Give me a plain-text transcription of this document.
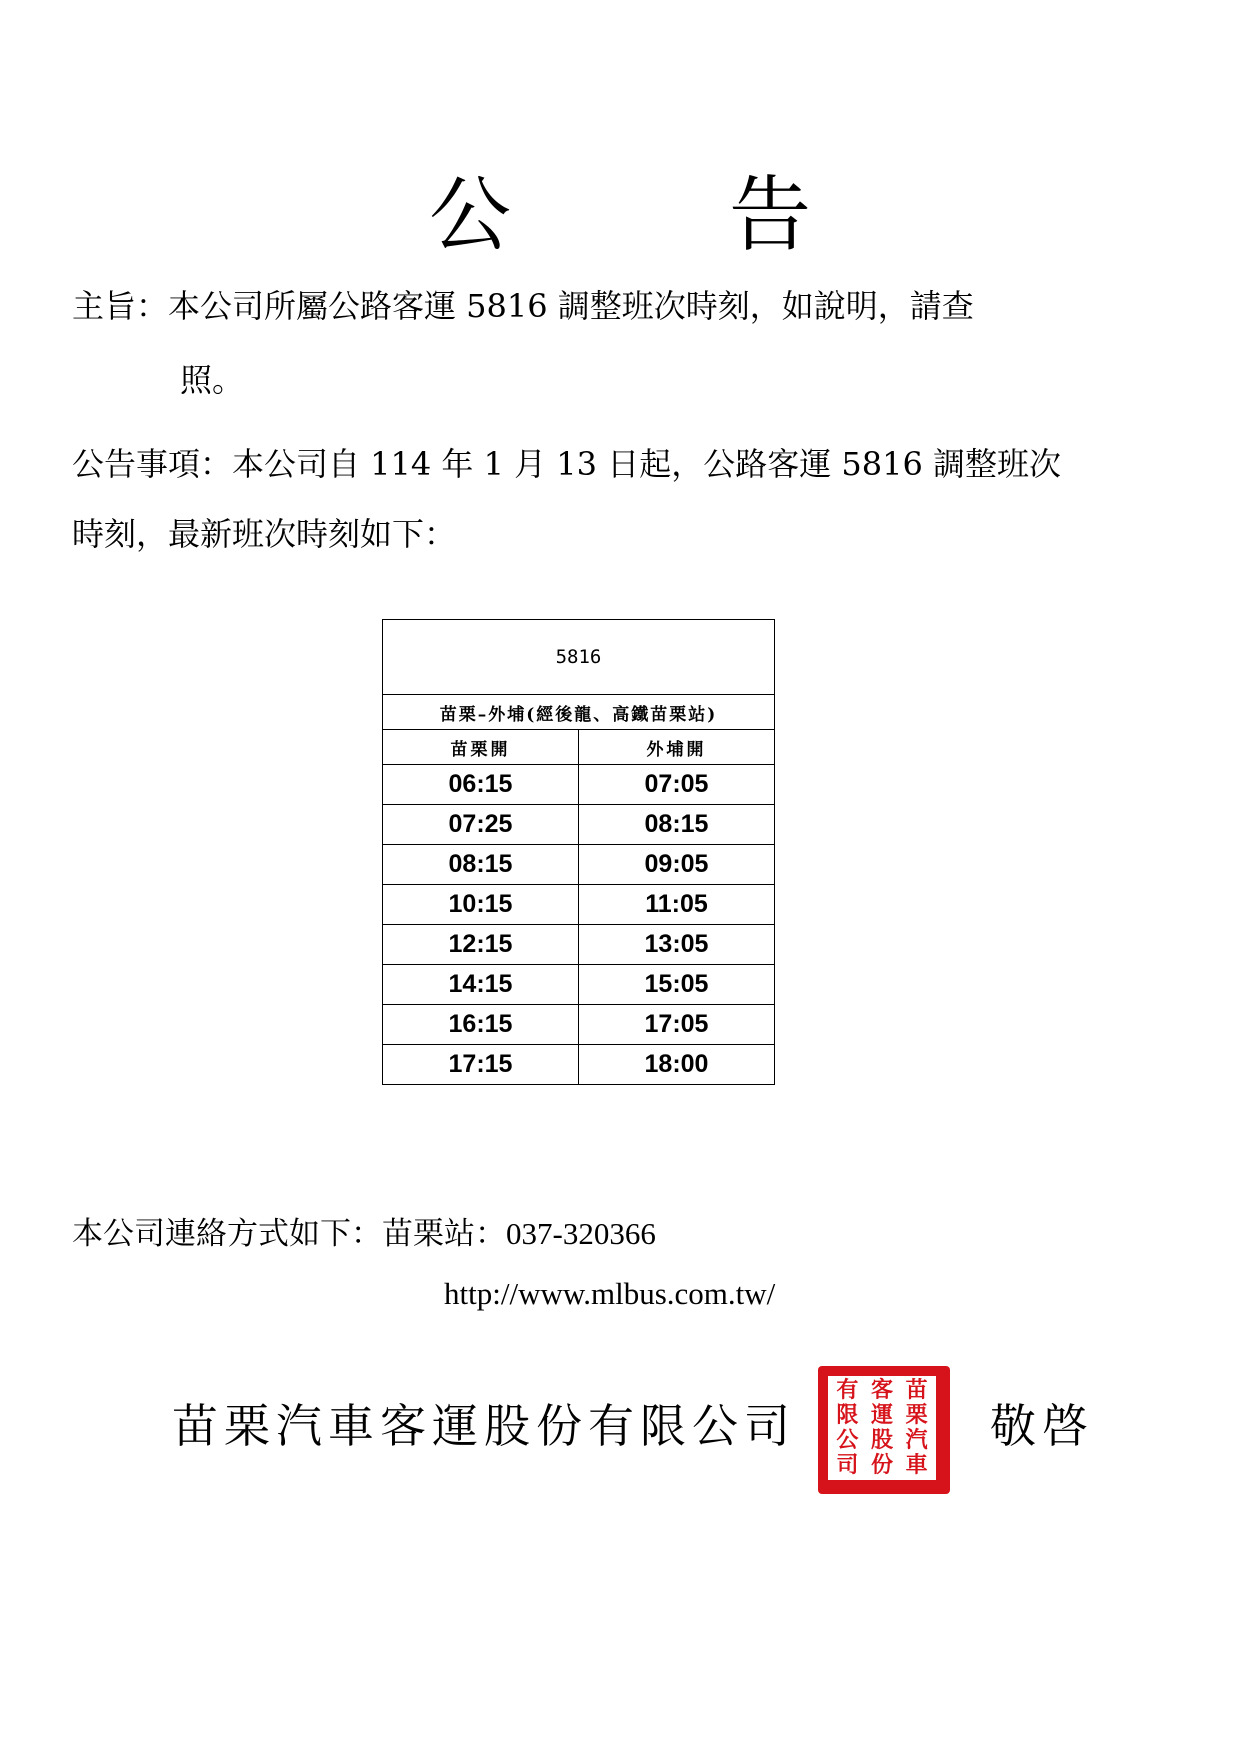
公	告
主旨：本公司所屬公路客運 5816 調整班次時刻，如說明，請查
照。
公告事項：本公司自 114 年 1 月 13 日起，公路客運 5816 調整班次
時刻，最新班次時刻如下：
5816	
苗栗–外埔(經後龍、高鐵苗栗站)	
苗栗開	外埔開
06:15	07:05
07:25	08:15
08:15	09:05
10:15	11:05
12:15	13:05
14:15	15:05
16:15	17:05
17:15	18:00
本公司連絡方式如下：苗栗站：037-320366
http://www.mlbus.com.tw/
苗栗汽車客運股份有限公司
有 客 苗
限 運 栗
公 股 汽
司 份 車
敬啓
